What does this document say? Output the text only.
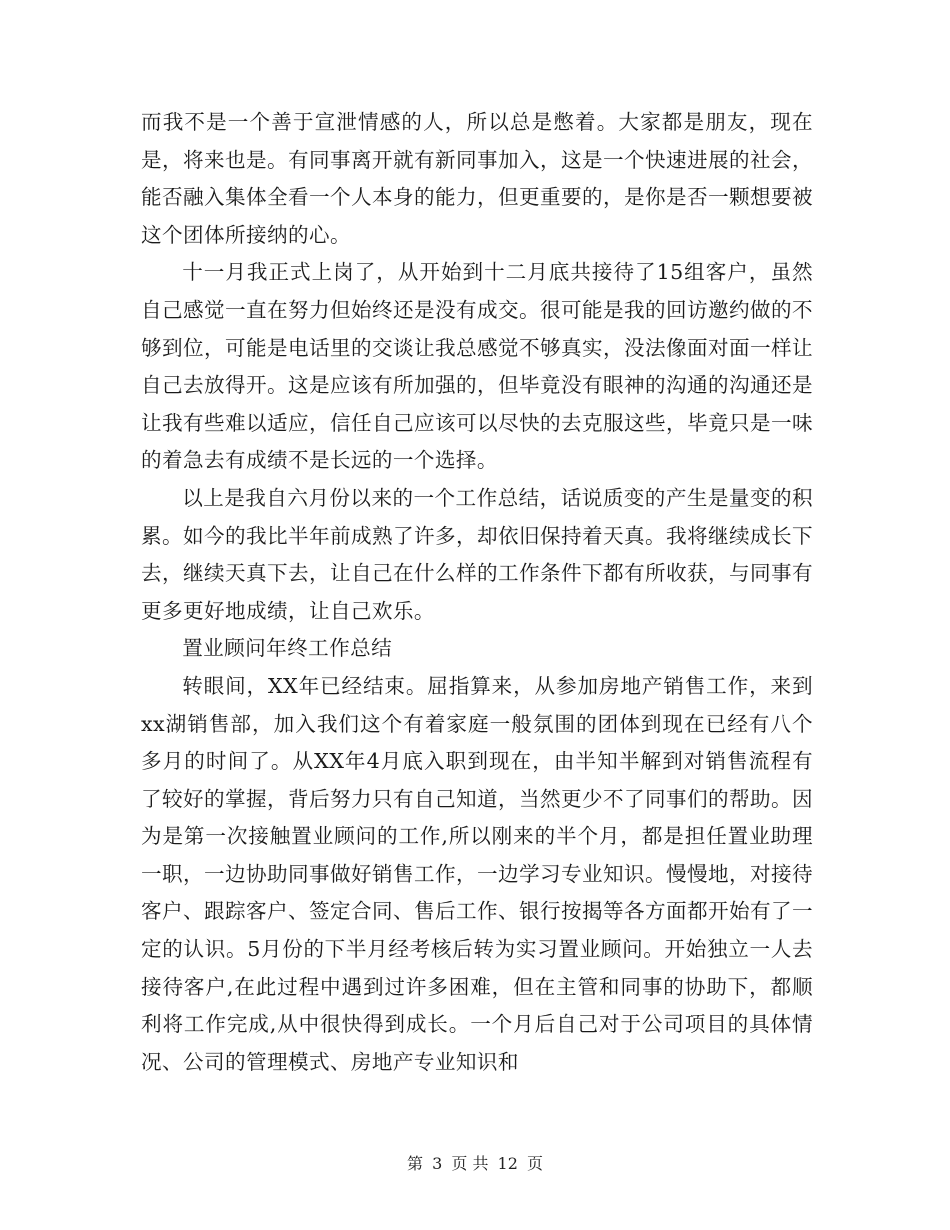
而我不是一个善于宣泄情感的人，所以总是憋着。大家都是朋友，现在是，将来也是。有同事离开就有新同事加入，这是一个快速进展的社会，能否融入集体全看一个人本身的能力，但更重要的，是你是否一颗想要被这个团体所接纳的心。

十一月我正式上岗了，从开始到十二月底共接待了15组客户，虽然自己感觉一直在努力但始终还是没有成交。很可能是我的回访邀约做的不够到位，可能是电话里的交谈让我总感觉不够真实，没法像面对面一样让自己去放得开。这是应该有所加强的，但毕竟没有眼神的沟通的沟通还是让我有些难以适应，信任自己应该可以尽快的去克服这些，毕竟只是一味的着急去有成绩不是长远的一个选择。

以上是我自六月份以来的一个工作总结，话说质变的产生是量变的积累。如今的我比半年前成熟了许多，却依旧保持着天真。我将继续成长下去，继续天真下去，让自己在什么样的工作条件下都有所收获，与同事有更多更好地成绩，让自己欢乐。

置业顾问年终工作总结

转眼间，XX年已经结束。屈指算来，从参加房地产销售工作，来到xx湖销售部，加入我们这个有着家庭一般氛围的团体到现在已经有八个多月的时间了。从XX年4月底入职到现在，由半知半解到对销售流程有了较好的掌握，背后努力只有自己知道，当然更少不了同事们的帮助。因为是第一次接触置业顾问的工作,所以刚来的半个月，都是担任置业助理一职，一边协助同事做好销售工作，一边学习专业知识。慢慢地，对接待客户、跟踪客户、签定合同、售后工作、银行按揭等各方面都开始有了一定的认识。5月份的下半月经考核后转为实习置业顾问。开始独立一人去接待客户,在此过程中遇到过许多困难，但在主管和同事的协助下，都顺利将工作完成,从中很快得到成长。一个月后自己对于公司项目的具体情况、公司的管理模式、房地产专业知识和

第 3 页 共 12 页
